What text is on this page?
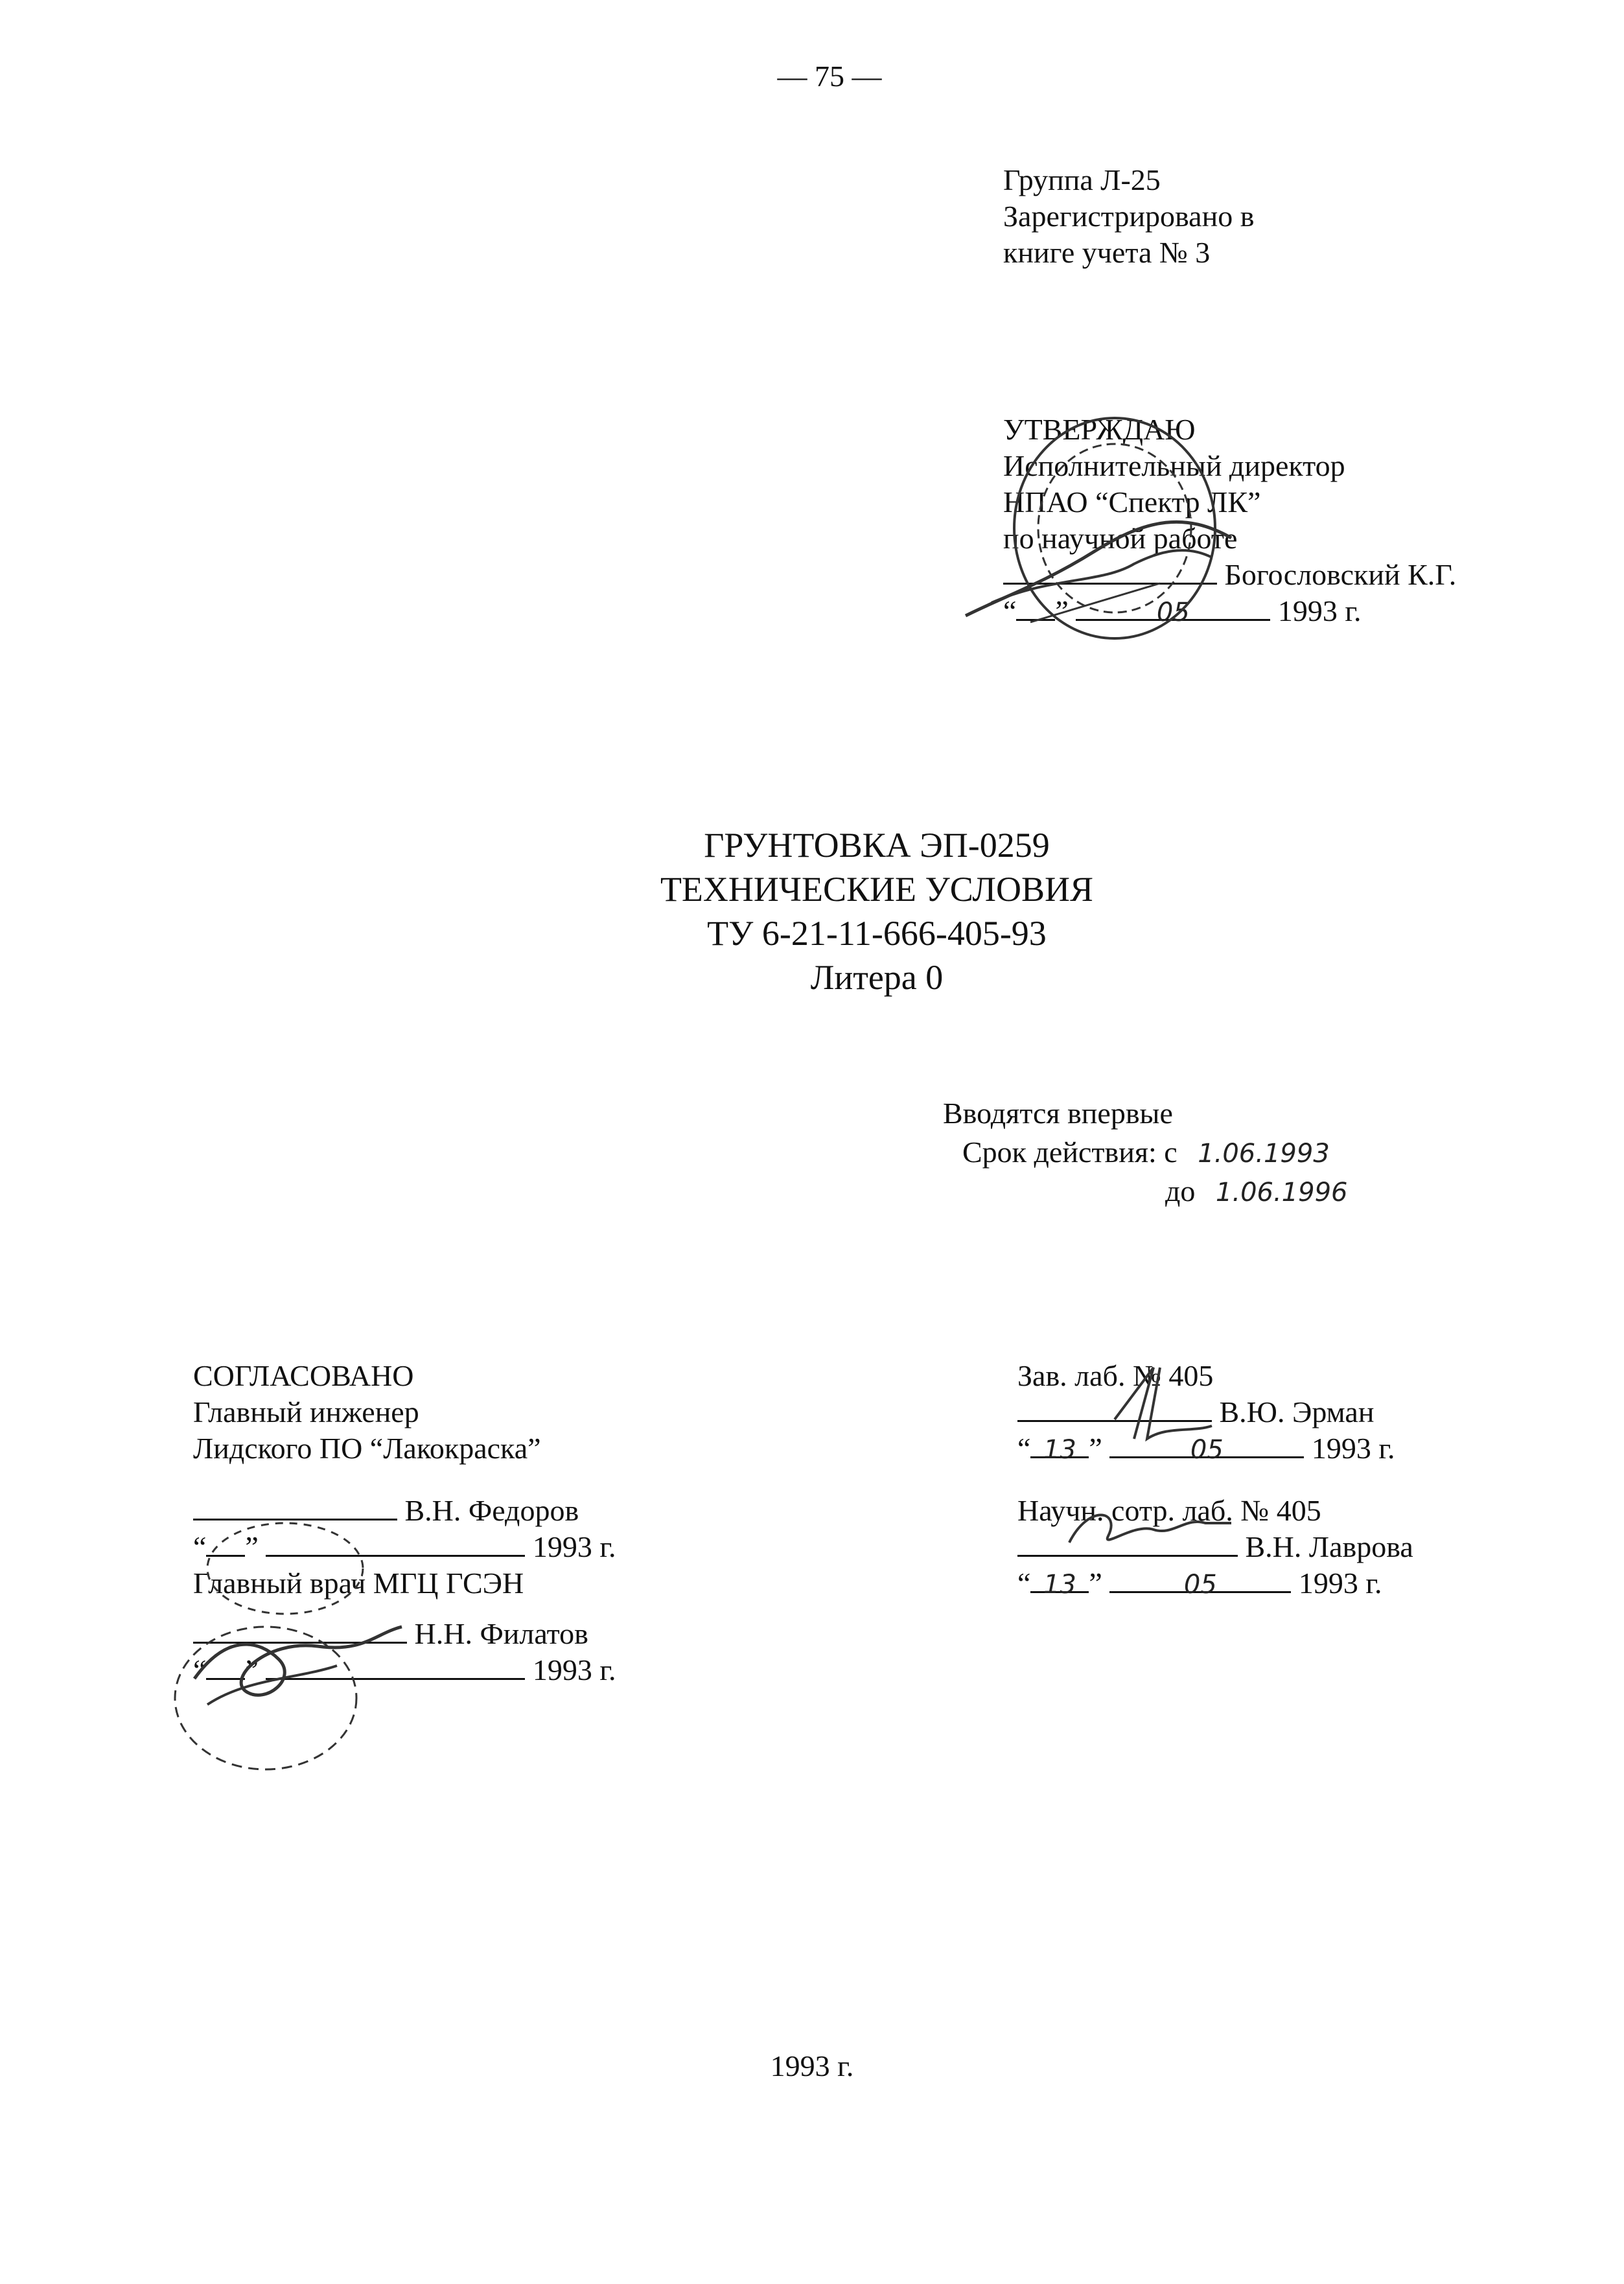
— 75 —
Группа Л-25
Зарегистрировано в
книге учета № 3
УТВЕРЖДАЮ
Исполнительный директор
НПАО “Спектр ЛК”
по научной работе
Богословский К.Г.
“ ”	05	1993 г.
ГРУНТОВКА ЭП-0259
ТЕХНИЧЕСКИЕ УСЛОВИЯ
ТУ 6-21-11-666-405-93
Литера 0
Вводятся впервые
Срок действия: с 1.06.1993
до 1.06.1996
СОГЛАСОВАНО
Главный инженер
Лидского ПО “Лакокраска”
В.Н. Федоров
“ ”	1993 г.
Главный врач МГЦ ГСЭН
Н.Н. Филатов
“ ”	1993 г.
Зав. лаб. № 405
В.Ю. Эрман
“ 13 ”	05	1993 г.
Научн. сотр. лаб. № 405
В.Н. Лаврова
“ 13 ”	05	1993 г.
1993 г.
